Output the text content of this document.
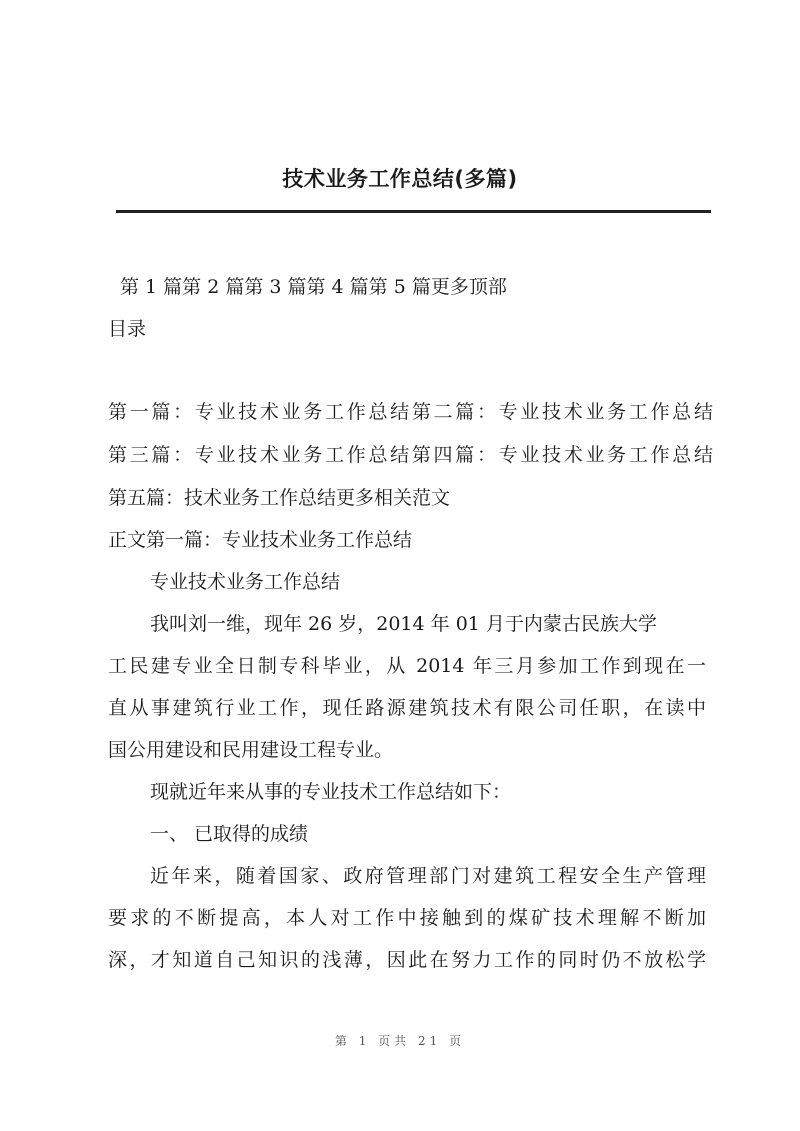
技术业务工作总结(多篇)
第 1 篇第 2 篇第 3 篇第 4 篇第 5 篇更多顶部
目录
第一篇：专业技术业务工作总结第二篇：专业技术业务工作总结
第三篇：专业技术业务工作总结第四篇：专业技术业务工作总结
第五篇：技术业务工作总结更多相关范文
正文第一篇：专业技术业务工作总结
专业技术业务工作总结
我叫刘一维，现年 26 岁，2014 年 01 月于内蒙古民族大学
工民建专业全日制专科毕业，从 2014 年三月参加工作到现在一
直从事建筑行业工作，现任路源建筑技术有限公司任职，在读中
国公用建设和民用建设工程专业。
现就近年来从事的专业技术工作总结如下：
一、 已取得的成绩
近年来，随着国家、政府管理部门对建筑工程安全生产管理
要求的不断提高，本人对工作中接触到的煤矿技术理解不断加
深，才知道自己知识的浅薄，因此在努力工作的同时仍不放松学
第 1 页共 21 页
